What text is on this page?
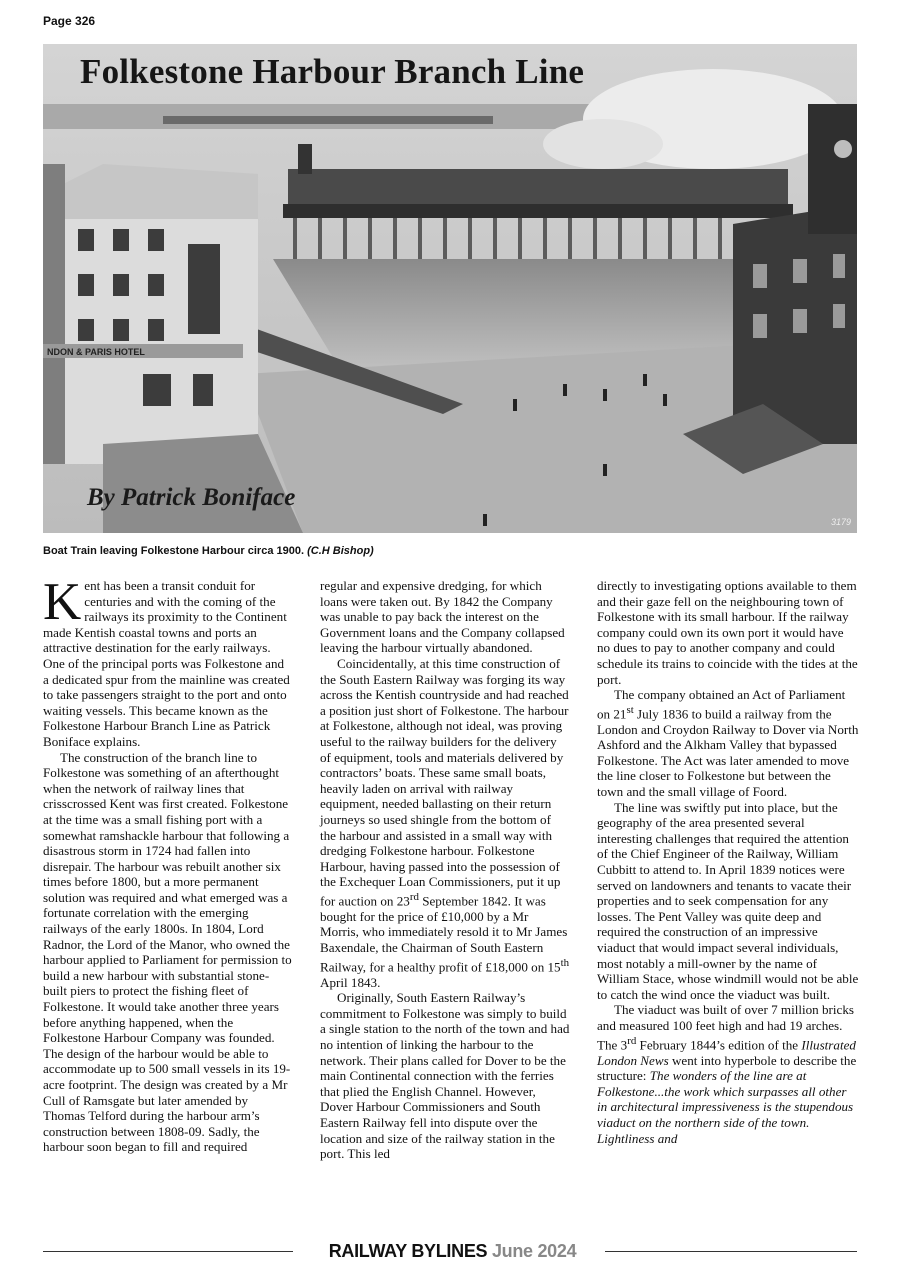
Page 326
NDON & PARIS HOTEL
Folkestone Harbour Branch Line
By Patrick Boniface
3179
Boat Train leaving Folkestone Harbour circa 1900. (C.H Bishop)

Kent has been a transit conduit for centuries and with the coming of the railways its proximity to the Continent made Kentish coastal towns and ports an attractive destination for the early railways. One of the principal ports was Folkestone and a dedicated spur from the mainline was created to take passengers straight to the port and onto waiting vessels. This became known as the Folkestone Harbour Branch Line as Patrick Boniface explains.

The construction of the branch line to Folkestone was something of an afterthought when the network of railway lines that crisscrossed Kent was first created. Folkestone at the time was a small fishing port with a somewhat ramshackle harbour that following a disastrous storm in 1724 had fallen into disrepair. The harbour was rebuilt another six times before 1800, but a more permanent solution was required and what emerged was a fortunate correlation with the emerging railways of the early 1800s. In 1804, Lord Radnor, the Lord of the Manor, who owned the harbour applied to Parliament for permission to build a new harbour with substantial stone-built piers to protect the fishing fleet of Folkestone. It would take another three years before anything happened, when the Folkestone Harbour Company was founded. The design of the harbour would be able to accommodate up to 500 small vessels in its 19-acre footprint. The design was created by a Mr Cull of Ramsgate but later amended by Thomas Telford during the harbour arm’s construction between 1808-09. Sadly, the harbour soon began to fill and required

regular and expensive dredging, for which loans were taken out. By 1842 the Company was unable to pay back the interest on the Government loans and the Company collapsed leaving the harbour virtually abandoned.

Coincidentally, at this time construction of the South Eastern Railway was forging its way across the Kentish countryside and had reached a position just short of Folkestone. The harbour at Folkestone, although not ideal, was proving useful to the railway builders for the delivery of equipment, tools and materials delivered by contractors’ boats. These same small boats, heavily laden on arrival with railway equipment, needed ballasting on their return journeys so used shingle from the bottom of the harbour and assisted in a small way with dredging Folkestone harbour. Folkestone Harbour, having passed into the possession of the Exchequer Loan Commissioners, put it up for auction on 23rd September 1842. It was bought for the price of £10,000 by a Mr Morris, who immediately resold it to Mr James Baxendale, the Chairman of South Eastern Railway, for a healthy profit of £18,000 on 15th April 1843.

Originally, South Eastern Railway’s commitment to Folkestone was simply to build a single station to the north of the town and had no intention of linking the harbour to the network. Their plans called for Dover to be the main Continental connection with the ferries that plied the English Channel. However, Dover Harbour Commissioners and South Eastern Railway fell into dispute over the location and size of the railway station in the port. This led

directly to investigating options available to them and their gaze fell on the neighbouring town of Folkestone with its small harbour. If the railway company could own its own port it would have no dues to pay to another company and could schedule its trains to coincide with the tides at the port.

The company obtained an Act of Parliament on 21st July 1836 to build a railway from the London and Croydon Railway to Dover via North Ashford and the Alkham Valley that bypassed Folkestone. The Act was later amended to move the line closer to Folkestone but between the town and the small village of Foord.

The line was swiftly put into place, but the geography of the area presented several interesting challenges that required the attention of the Chief Engineer of the Railway, William Cubbitt to attend to. In April 1839 notices were served on landowners and tenants to vacate their properties and to seek compensation for any losses. The Pent Valley was quite deep and required the construction of an impressive viaduct that would impact several individuals, most notably a mill-owner by the name of William Stace, whose windmill would not be able to catch the wind once the viaduct was built.

The viaduct was built of over 7 million bricks and measured 100 feet high and had 19 arches. The 3rd February 1844’s edition of the Illustrated London News went into hyperbole to describe the structure: The wonders of the line are at Folkestone...the work which surpasses all other in architectural impressiveness is the stupendous viaduct on the northern side of the town. Lightliness and

RAILWAY BYLINES June 2024
